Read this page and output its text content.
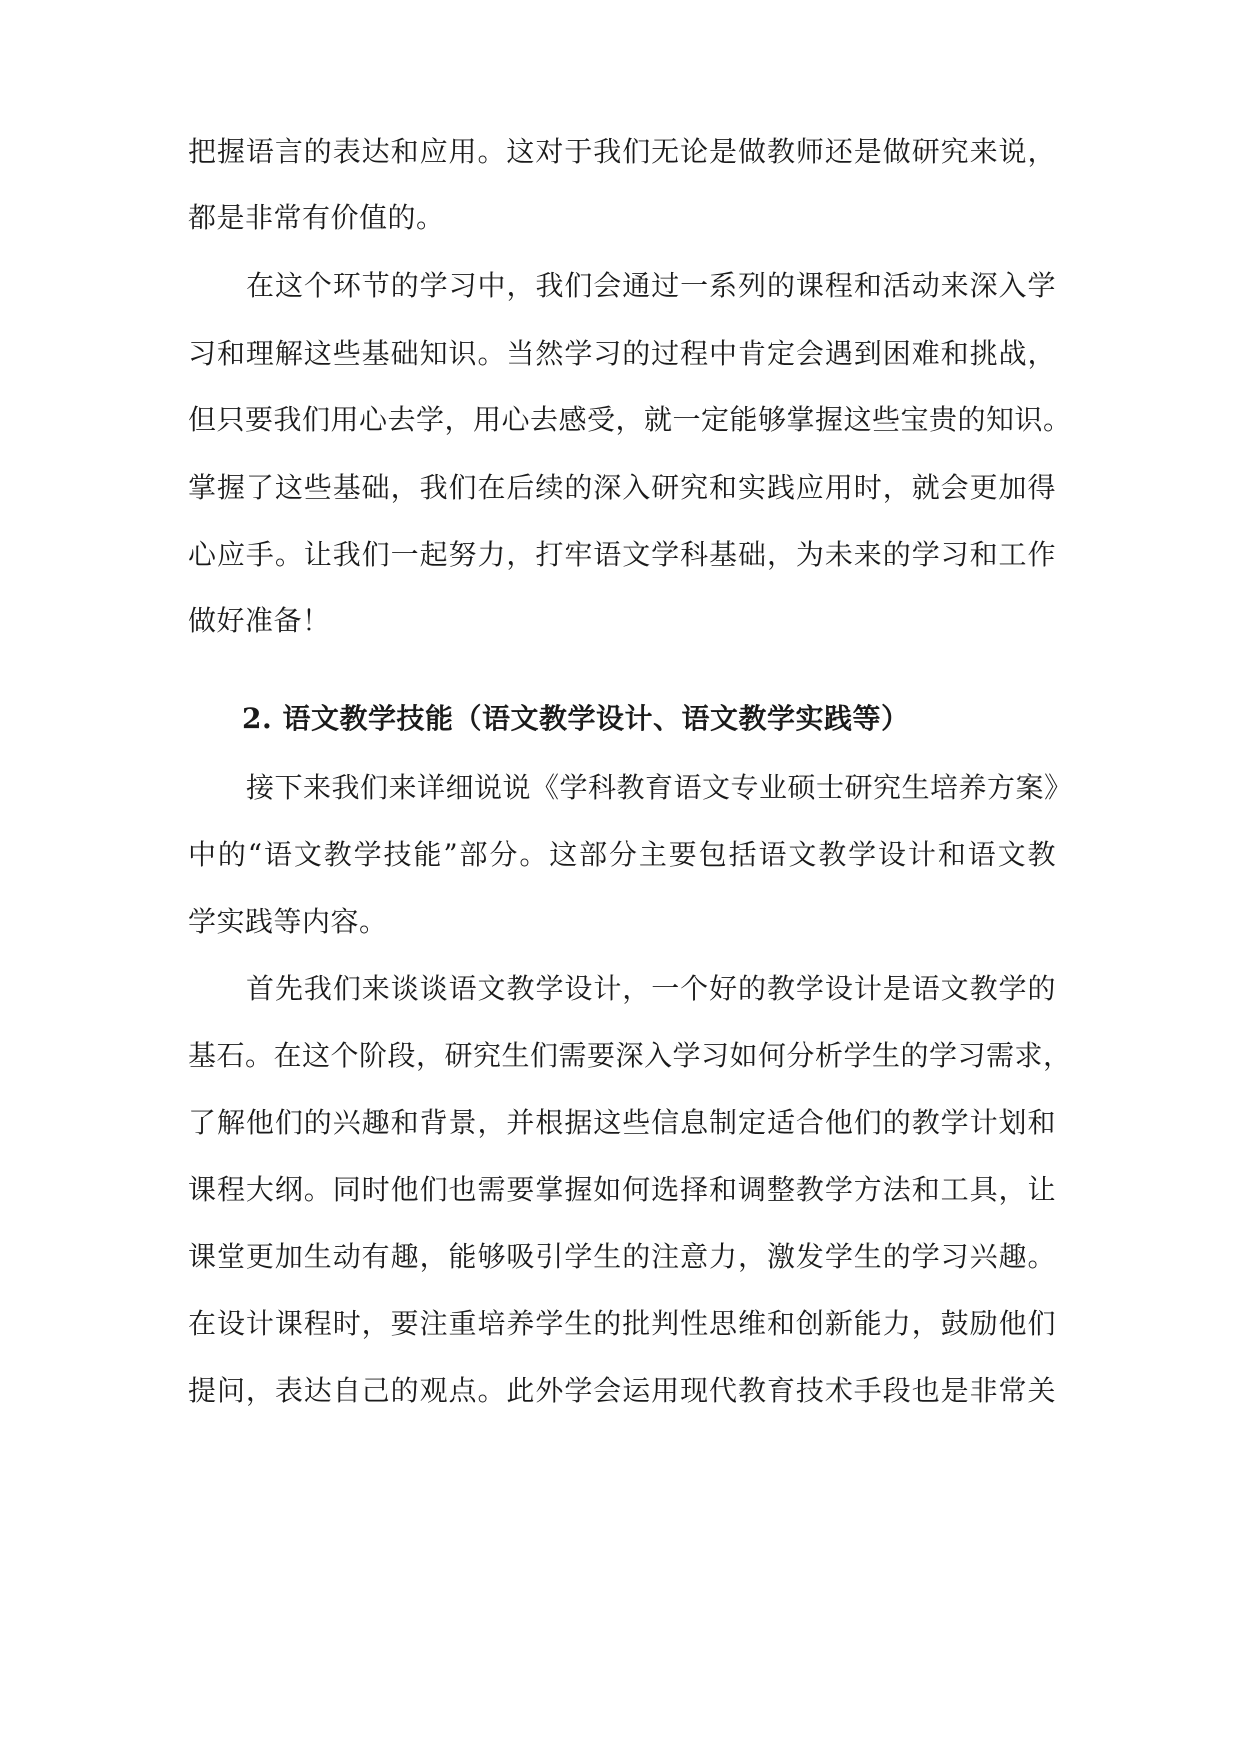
把握语言的表达和应用。这对于我们无论是做教师还是做研究来说，
都是非常有价值的。
在这个环节的学习中，我们会通过一系列的课程和活动来深入学
习和理解这些基础知识。当然学习的过程中肯定会遇到困难和挑战，
但只要我们用心去学，用心去感受，就一定能够掌握这些宝贵的知识。
掌握了这些基础，我们在后续的深入研究和实践应用时，就会更加得
心应手。让我们一起努力，打牢语文学科基础，为未来的学习和工作
做好准备！
2. 语文教学技能（语文教学设计、语文教学实践等）
接下来我们来详细说说《学科教育语文专业硕士研究生培养方案》
中的“语文教学技能”部分。这部分主要包括语文教学设计和语文教
学实践等内容。
首先我们来谈谈语文教学设计，一个好的教学设计是语文教学的
基石。在这个阶段，研究生们需要深入学习如何分析学生的学习需求，
了解他们的兴趣和背景，并根据这些信息制定适合他们的教学计划和
课程大纲。同时他们也需要掌握如何选择和调整教学方法和工具，让
课堂更加生动有趣，能够吸引学生的注意力，激发学生的学习兴趣。
在设计课程时，要注重培养学生的批判性思维和创新能力，鼓励他们
提问，表达自己的观点。此外学会运用现代教育技术手段也是非常关
